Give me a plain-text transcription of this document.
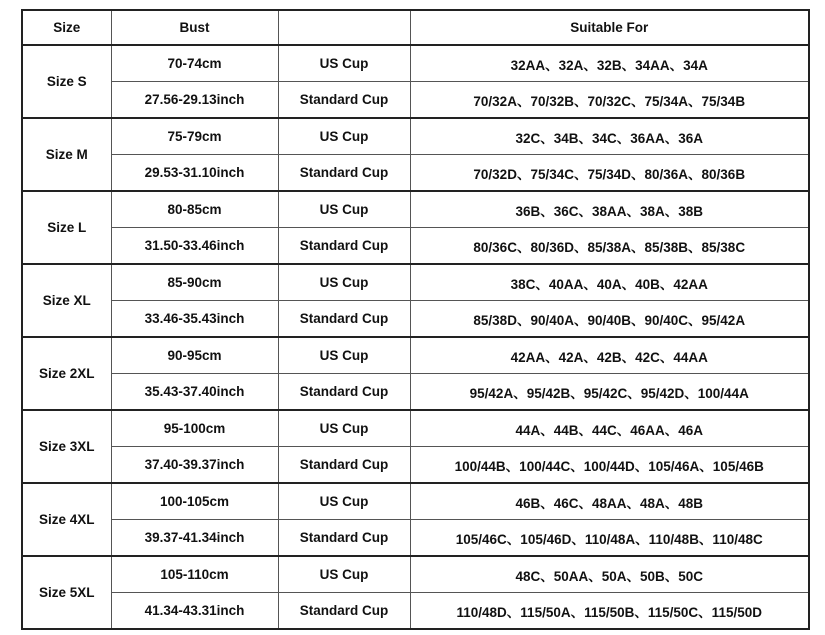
Size	Bust		Suitable For
Size S	70-74cm	US Cup	32AA、32A、32B、34AA、34A
	27.56-29.13inch	Standard Cup	70/32A、70/32B、70/32C、75/34A、75/34B
Size M	75-79cm	US Cup	32C、34B、34C、36AA、36A
	29.53-31.10inch	Standard Cup	70/32D、75/34C、75/34D、80/36A、80/36B
Size L	80-85cm	US Cup	36B、36C、38AA、38A、38B
	31.50-33.46inch	Standard Cup	80/36C、80/36D、85/38A、85/38B、85/38C
Size XL	85-90cm	US Cup	38C、40AA、40A、40B、42AA
	33.46-35.43inch	Standard Cup	85/38D、90/40A、90/40B、90/40C、95/42A
Size 2XL	90-95cm	US Cup	42AA、42A、42B、42C、44AA
	35.43-37.40inch	Standard Cup	95/42A、95/42B、95/42C、95/42D、100/44A
Size 3XL	95-100cm	US Cup	44A、44B、44C、46AA、46A
	37.40-39.37inch	Standard Cup	100/44B、100/44C、100/44D、105/46A、105/46B
Size 4XL	100-105cm	US Cup	46B、46C、48AA、48A、48B
	39.37-41.34inch	Standard Cup	105/46C、105/46D、110/48A、110/48B、110/48C
Size 5XL	105-110cm	US Cup	48C、50AA、50A、50B、50C
	41.34-43.31inch	Standard Cup	110/48D、115/50A、115/50B、115/50C、115/50D
